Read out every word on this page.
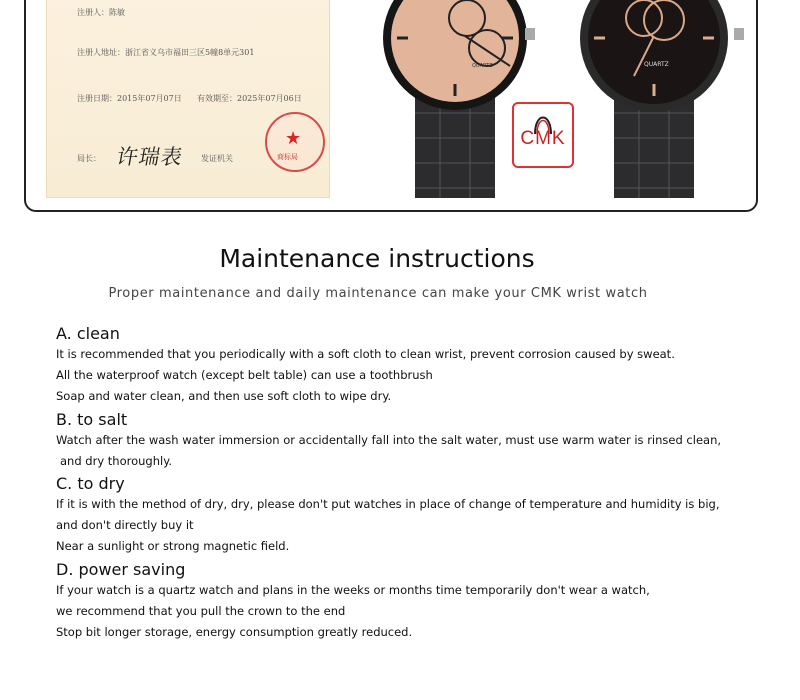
注册人：陈敏
注册人地址：浙江省义乌市福田三区5幢8单元301
注册日期：2015年07月07日 有效期至：2025年07月06日
局长： 许瑞表 发证机关
★
商标局
QUARTZ	QUARTZ
CMK
Maintenance instructions
Proper maintenance and daily maintenance can make your CMK wrist watch
A. clean
It is recommended that you periodically with a soft cloth to clean wrist, prevent corrosion caused by sweat.
All the waterproof watch (except belt table) can use a toothbrush
Soap and water clean, and then use soft cloth to wipe dry.
B. to salt
Watch after the wash water immersion or accidentally fall into the salt water, must use warm water is rinsed clean,
and dry thoroughly.
C. to dry
If it is with the method of dry, dry, please don't put watches in place of change of temperature and humidity is big,
and don't directly buy it
Near a sunlight or strong magnetic field.
D. power saving
If your watch is a quartz watch and plans in the weeks or months time temporarily don't wear a watch,
we recommend that you pull the crown to the end
Stop bit longer storage, energy consumption greatly reduced.
